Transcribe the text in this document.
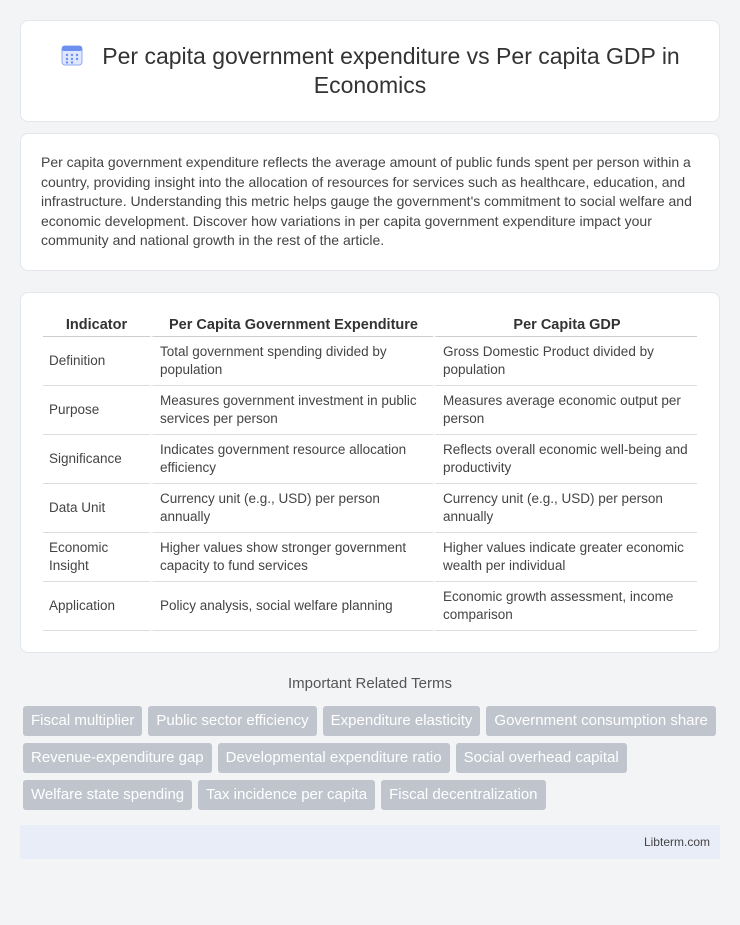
Per capita government expenditure vs Per capita GDP in Economics

Per capita government expenditure reflects the average amount of public funds spent per person within a country, providing insight into the allocation of resources for services such as healthcare, education, and infrastructure. Understanding this metric helps gauge the government's commitment to social welfare and economic development. Discover how variations in per capita government expenditure impact your community and national growth in the rest of the article.

Indicator	Per Capita Government Expenditure	Per Capita GDP
Definition	Total government spending divided by population	Gross Domestic Product divided by population
Purpose	Measures government investment in public services per person	Measures average economic output per person
Significance	Indicates government resource allocation efficiency	Reflects overall economic well-being and productivity
Data Unit	Currency unit (e.g., USD) per person annually	Currency unit (e.g., USD) per person annually
Economic Insight	Higher values show stronger government capacity to fund services	Higher values indicate greater economic wealth per individual
Application	Policy analysis, social welfare planning	Economic growth assessment, income comparison
Important Related Terms
Fiscal multiplier	Public sector efficiency	Expenditure elasticity	Government consumption share
Revenue-expenditure gap	Developmental expenditure ratio	Social overhead capital
Welfare state spending	Tax incidence per capita	Fiscal decentralization
Libterm.com
